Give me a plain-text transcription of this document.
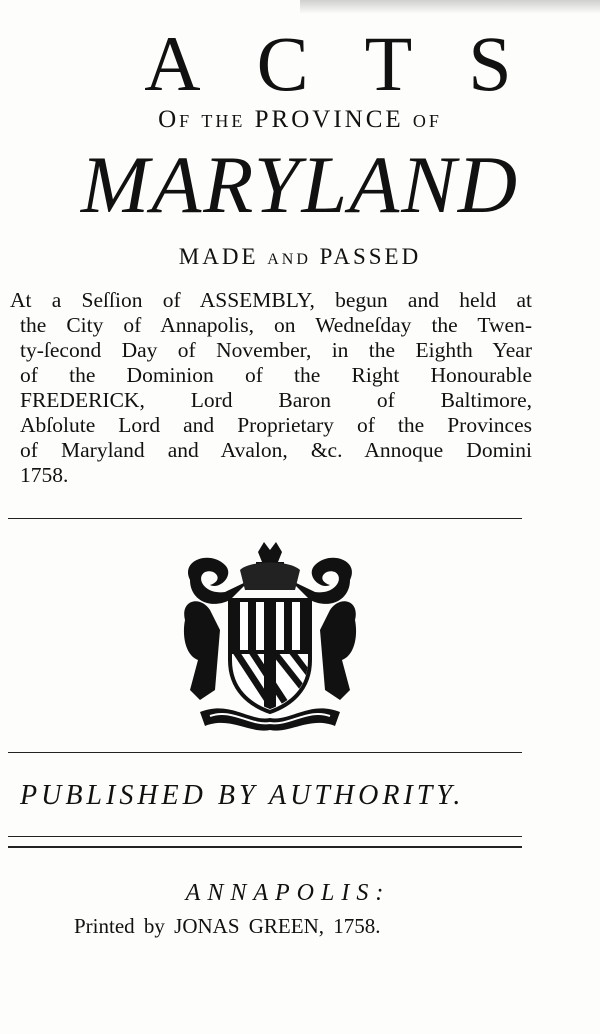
ACTS
Of the PROVINCE of
MARYLAND
MADE and PASSED
At a Seſſion of ASSEMBLY, begun and held at
the City of Annapolis, on Wedneſday the Twen-
ty-ſecond Day of November, in the Eighth Year
of the Dominion of the Right Honourable
FREDERICK, Lord Baron of Baltimore,
Abſolute Lord and Proprietary of the Provinces
of Maryland and Avalon, &c. Annoque Domini
1758.
PUBLISHED BY AUTHORITY.
ANNAPOLIS:
Printed by JONAS GREEN, 1758.
